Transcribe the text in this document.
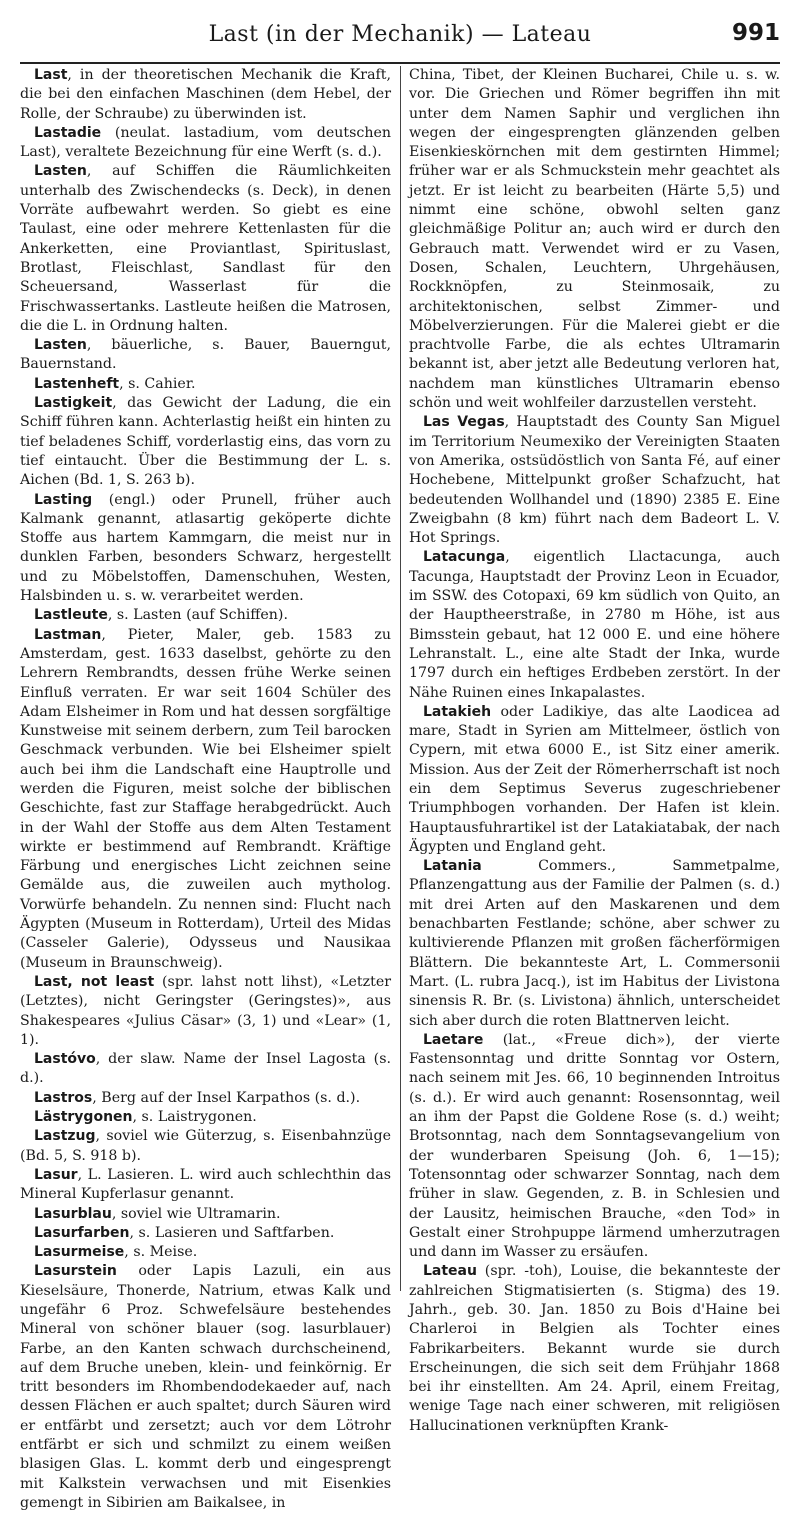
Last (in der Mechanik) — Lateau	991

Last, in der theoretischen Mechanik die Kraft, die bei den einfachen Maschinen (dem Hebel, der Rolle, der Schraube) zu überwinden ist.

Lastadie (neulat. lastadium, vom deutschen Last), veraltete Bezeichnung für eine Werft (s. d.).

Lasten, auf Schiffen die Räumlichkeiten unterhalb des Zwischendecks (s. Deck), in denen Vorräte aufbewahrt werden. So giebt es eine Taulast, eine oder mehrere Kettenlasten für die Ankerketten, eine Proviantlast, Spirituslast, Brotlast, Fleischlast, Sandlast für den Scheuersand, Wasserlast für die Frischwassertanks. Lastleute heißen die Matrosen, die die L. in Ordnung halten.

Lasten, bäuerliche, s. Bauer, Bauerngut, Bauernstand.

Lastenheft, s. Cahier.

Lastigkeit, das Gewicht der Ladung, die ein Schiff führen kann. Achterlastig heißt ein hinten zu tief beladenes Schiff, vorderlastig eins, das vorn zu tief eintaucht. Über die Bestimmung der L. s. Aichen (Bd. 1, S. 263 b).

Lasting (engl.) oder Prunell, früher auch Kalmank genannt, atlasartig geköperte dichte Stoffe aus hartem Kammgarn, die meist nur in dunklen Farben, besonders Schwarz, hergestellt und zu Möbelstoffen, Damenschuhen, Westen, Halsbinden u. s. w. verarbeitet werden.

Lastleute, s. Lasten (auf Schiffen).

Lastman, Pieter, Maler, geb. 1583 zu Amsterdam, gest. 1633 daselbst, gehörte zu den Lehrern Rembrandts, dessen frühe Werke seinen Einfluß verraten. Er war seit 1604 Schüler des Adam Elsheimer in Rom und hat dessen sorgfältige Kunstweise mit seinem derbern, zum Teil barocken Geschmack verbunden. Wie bei Elsheimer spielt auch bei ihm die Landschaft eine Hauptrolle und werden die Figuren, meist solche der biblischen Geschichte, fast zur Staffage herabgedrückt. Auch in der Wahl der Stoffe aus dem Alten Testament wirkte er bestimmend auf Rembrandt. Kräftige Färbung und energisches Licht zeichnen seine Gemälde aus, die zuweilen auch mytholog. Vorwürfe behandeln. Zu nennen sind: Flucht nach Ägypten (Museum in Rotterdam), Urteil des Midas (Casseler Galerie), Odysseus und Nausikaa (Museum in Braunschweig).

Last, not least (spr. lahst nott lihst), «Letzter (Letztes), nicht Geringster (Geringstes)», aus Shakespeares «Julius Cäsar» (3, 1) und «Lear» (1, 1).

Lastóvo, der slaw. Name der Insel Lagosta (s. d.).

Lastros, Berg auf der Insel Karpathos (s. d.).

Lästrygonen, s. Laistrygonen.

Lastzug, soviel wie Güterzug, s. Eisenbahnzüge (Bd. 5, S. 918 b).

Lasur, L. Lasieren. L. wird auch schlechthin das Mineral Kupferlasur genannt.

Lasurblau, soviel wie Ultramarin.

Lasurfarben, s. Lasieren und Saftfarben.

Lasurmeise, s. Meise.

Lasurstein oder Lapis Lazuli, ein aus Kieselsäure, Thonerde, Natrium, etwas Kalk und ungefähr 6 Proz. Schwefelsäure bestehendes Mineral von schöner blauer (sog. lasurblauer) Farbe, an den Kanten schwach durchscheinend, auf dem Bruche uneben, klein- und feinkörnig. Er tritt besonders im Rhombendodekaeder auf, nach dessen Flächen er auch spaltet; durch Säuren wird er entfärbt und zersetzt; auch vor dem Lötrohr entfärbt er sich und schmilzt zu einem weißen blasigen Glas. L. kommt derb und eingesprengt mit Kalkstein verwachsen und mit Eisenkies gemengt in Sibirien am Baikalsee, in

China, Tibet, der Kleinen Bucharei, Chile u. s. w. vor. Die Griechen und Römer begriffen ihn mit unter dem Namen Saphir und verglichen ihn wegen der eingesprengten glänzenden gelben Eisenkieskörnchen mit dem gestirnten Himmel; früher war er als Schmuckstein mehr geachtet als jetzt. Er ist leicht zu bearbeiten (Härte 5,5) und nimmt eine schöne, obwohl selten ganz gleichmäßige Politur an; auch wird er durch den Gebrauch matt. Verwendet wird er zu Vasen, Dosen, Schalen, Leuchtern, Uhrgehäusen, Rockknöpfen, zu Steinmosaik, zu architektonischen, selbst Zimmer- und Möbelverzierungen. Für die Malerei giebt er die prachtvolle Farbe, die als echtes Ultramarin bekannt ist, aber jetzt alle Bedeutung verloren hat, nachdem man künstliches Ultramarin ebenso schön und weit wohlfeiler darzustellen versteht.

Las Vegas, Hauptstadt des County San Miguel im Territorium Neumexiko der Vereinigten Staaten von Amerika, ostsüdöstlich von Santa Fé, auf einer Hochebene, Mittelpunkt großer Schafzucht, hat bedeutenden Wollhandel und (1890) 2385 E. Eine Zweigbahn (8 km) führt nach dem Badeort L. V. Hot Springs.

Latacunga, eigentlich Llactacunga, auch Tacunga, Hauptstadt der Provinz Leon in Ecuador, im SSW. des Cotopaxi, 69 km südlich von Quito, an der Hauptheerstraße, in 2780 m Höhe, ist aus Bimsstein gebaut, hat 12 000 E. und eine höhere Lehranstalt. L., eine alte Stadt der Inka, wurde 1797 durch ein heftiges Erdbeben zerstört. In der Nähe Ruinen eines Inkapalastes.

Latakieh oder Ladikiye, das alte Laodicea ad mare, Stadt in Syrien am Mittelmeer, östlich von Cypern, mit etwa 6000 E., ist Sitz einer amerik. Mission. Aus der Zeit der Römerherrschaft ist noch ein dem Septimus Severus zugeschriebener Triumphbogen vorhanden. Der Hafen ist klein. Hauptausfuhrartikel ist der Latakiatabak, der nach Ägypten und England geht.

Latania Commers., Sammetpalme, Pflanzengattung aus der Familie der Palmen (s. d.) mit drei Arten auf den Maskarenen und dem benachbarten Festlande; schöne, aber schwer zu kultivierende Pflanzen mit großen fächerförmigen Blättern. Die bekannteste Art, L. Commersonii Mart. (L. rubra Jacq.), ist im Habitus der Livistona sinensis R. Br. (s. Livistona) ähnlich, unterscheidet sich aber durch die roten Blattnerven leicht.

Laetare (lat., «Freue dich»), der vierte Fastensonntag und dritte Sonntag vor Ostern, nach seinem mit Jes. 66, 10 beginnenden Introitus (s. d.). Er wird auch genannt: Rosensonntag, weil an ihm der Papst die Goldene Rose (s. d.) weiht; Brotsonntag, nach dem Sonntagsevangelium von der wunderbaren Speisung (Joh. 6, 1—15); Totensonntag oder schwarzer Sonntag, nach dem früher in slaw. Gegenden, z. B. in Schlesien und der Lausitz, heimischen Brauche, «den Tod» in Gestalt einer Strohpuppe lärmend umherzutragen und dann im Wasser zu ersäufen.

Lateau (spr. -toh), Louise, die bekannteste der zahlreichen Stigmatisierten (s. Stigma) des 19. Jahrh., geb. 30. Jan. 1850 zu Bois d'Haine bei Charleroi in Belgien als Tochter eines Fabrikarbeiters. Bekannt wurde sie durch Erscheinungen, die sich seit dem Frühjahr 1868 bei ihr einstellten. Am 24. April, einem Freitag, wenige Tage nach einer schweren, mit religiösen Hallucinationen verknüpften Krank-
